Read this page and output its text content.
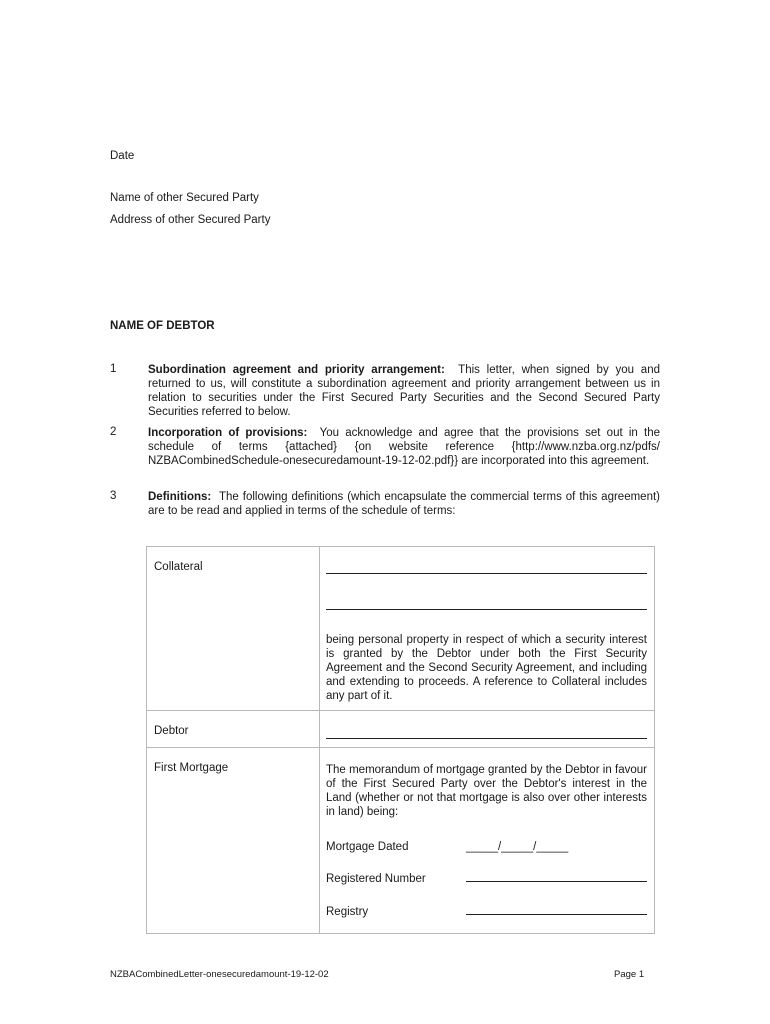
Date
Name of other Secured Party
Address of other Secured Party
NAME OF DEBTOR
1	Subordination agreement and priority arrangement: This letter, when signed by you and returned to us, will constitute a subordination agreement and priority arrangement between us in relation to securities under the First Secured Party Securities and the Second Secured Party Securities referred to below.
2	Incorporation of provisions: You acknowledge and agree that the provisions set out in the schedule of terms {attached} {on website reference {http://www.nzba.org.nz/pdfs/ NZBACombinedSchedule-onesecuredamount-19-12-02.pdf}} are incorporated into this agreement.
3	Definitions: The following definitions (which encapsulate the commercial terms of this agreement) are to be read and applied in terms of the schedule of terms:
Collateral	being personal property in respect of which a security interest is granted by the Debtor under both the First Security Agreement and the Second Security Agreement, and including and extending to proceeds. A reference to Collateral includes any part of it.

Debtor	

First Mortgage	The memorandum of mortgage granted by the Debtor in favour of the First Secured Party over the Debtor's interest in the Land (whether or not that mortgage is also over other interests in land) being:
Mortgage Dated _____/_____/_____
Registered Number
Registry
NZBACombinedLetter-onesecuredamount-19-12-02	Page 1
